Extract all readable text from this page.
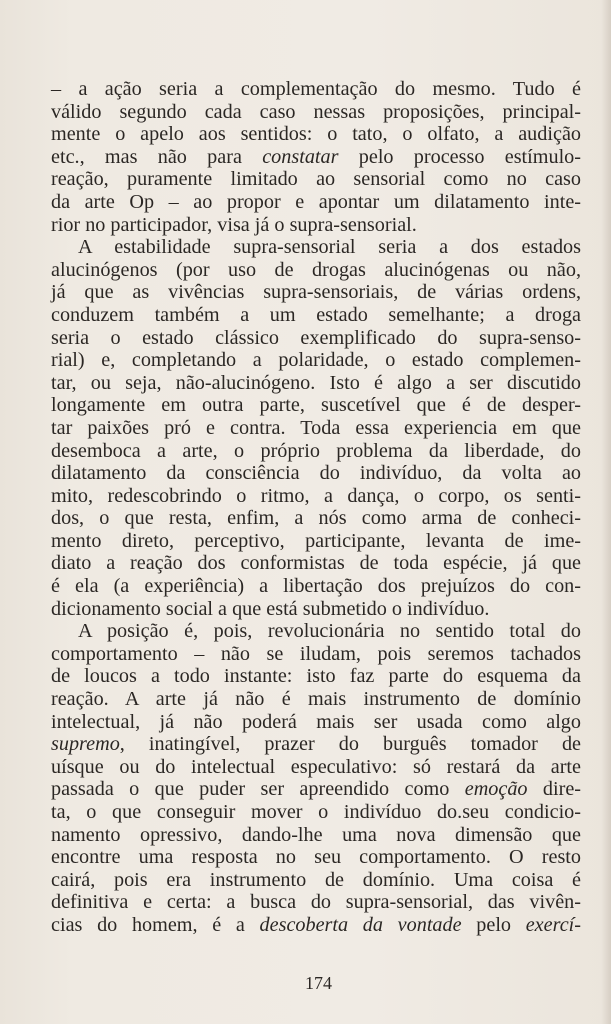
– a ação seria a complementação do mesmo. Tudo é
válido segundo cada caso nessas proposições, principal-
mente o apelo aos sentidos: o tato, o olfato, a audição
etc., mas não para constatar pelo processo estímulo-
reação, puramente limitado ao sensorial como no caso
da arte Op – ao propor e apontar um dilatamento inte-
rior no participador, visa já o supra-sensorial.
A estabilidade supra-sensorial seria a dos estados
alucinógenos (por uso de drogas alucinógenas ou não,
já que as vivências supra-sensoriais, de várias ordens,
conduzem também a um estado semelhante; a droga
seria o estado clássico exemplificado do supra-senso-
rial) e, completando a polaridade, o estado complemen-
tar, ou seja, não-alucinógeno. Isto é algo a ser discutido
longamente em outra parte, suscetível que é de desper-
tar paixões pró e contra. Toda essa experiencia em que
desemboca a arte, o próprio problema da liberdade, do
dilatamento da consciência do indivíduo, da volta ao
mito, redescobrindo o ritmo, a dança, o corpo, os senti-
dos, o que resta, enfim, a nós como arma de conheci-
mento direto, perceptivo, participante, levanta de ime-
diato a reação dos conformistas de toda espécie, já que
é ela (a experiência) a libertação dos prejuízos do con-
dicionamento social a que está submetido o indivíduo.
A posição é, pois, revolucionária no sentido total do
comportamento – não se iludam, pois seremos tachados
de loucos a todo instante: isto faz parte do esquema da
reação. A arte já não é mais instrumento de domínio
intelectual, já não poderá mais ser usada como algo
supremo, inatingível, prazer do burguês tomador de
uísque ou do intelectual especulativo: só restará da arte
passada o que puder ser apreendido como emoção dire-
ta, o que conseguir mover o indivíduo do.seu condicio-
namento opressivo, dando-lhe uma nova dimensão que
encontre uma resposta no seu comportamento. O resto
cairá, pois era instrumento de domínio. Uma coisa é
definitiva e certa: a busca do supra-sensorial, das vivên-
cias do homem, é a descoberta da vontade pelo exercí-
174
